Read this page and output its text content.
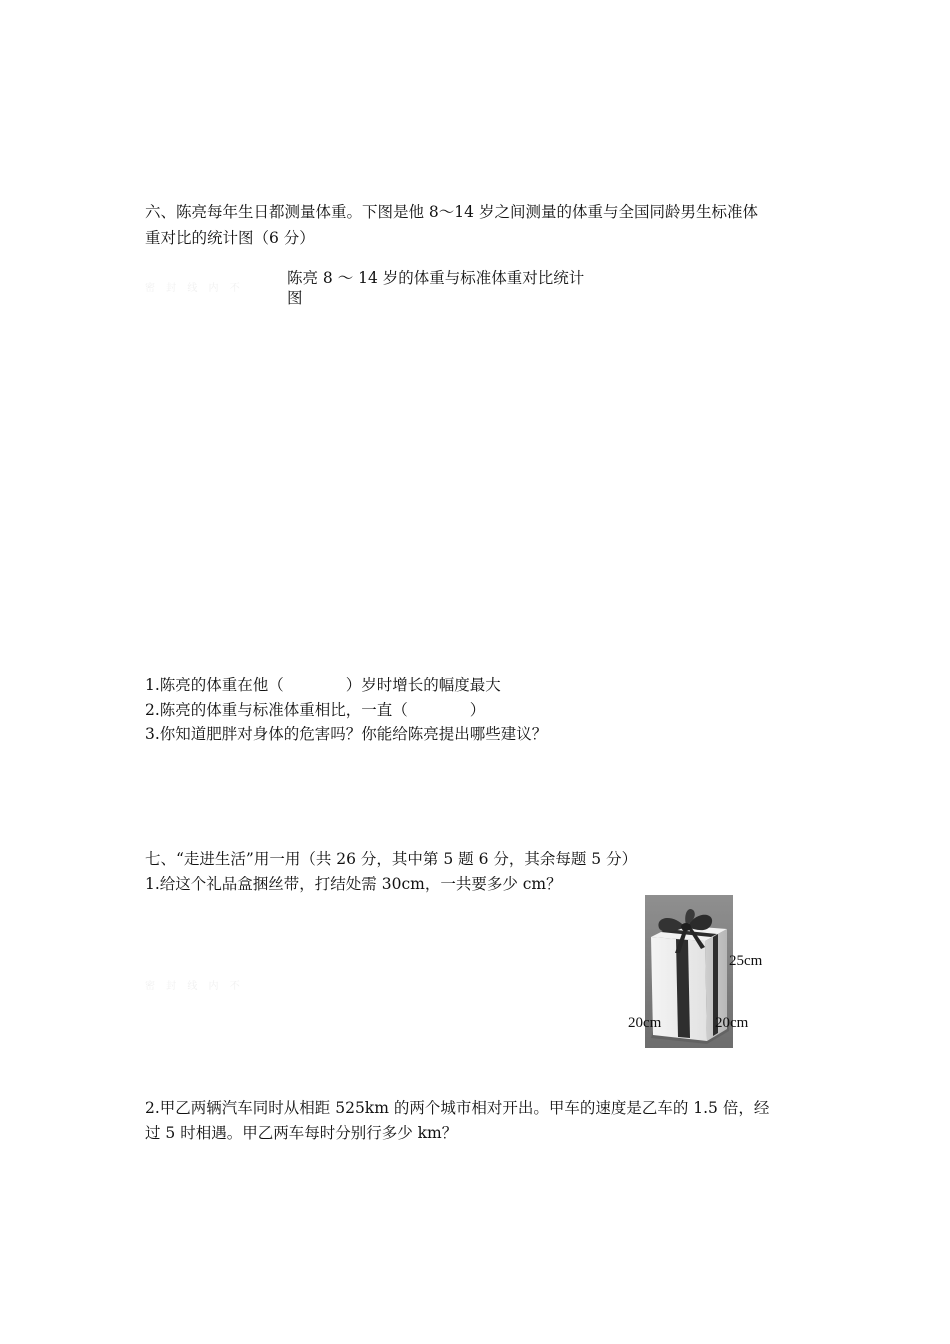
六、陈亮每年生日都测量体重。下图是他 8～14 岁之间测量的体重与全国同龄男生标准体
重对比的统计图（6 分）
密 封 线 内 不
陈亮 8 ～ 14 岁的体重与标准体重对比统计
图
1.陈亮的体重在他（　　　　）岁时增长的幅度最大
2.陈亮的体重与标准体重相比，一直（　　　　）
3.你知道肥胖对身体的危害吗？你能给陈亮提出哪些建议？
七、“走进生活”用一用（共 26 分，其中第 5 题 6 分，其余每题 5 分）
1.给这个礼品盒捆丝带，打结处需 30cm，一共要多少 cm？
密 封 线 内 不
25cm
20cm	20cm
2.甲乙两辆汽车同时从相距 525km 的两个城市相对开出。甲车的速度是乙车的 1.5 倍，经
过 5 时相遇。甲乙两车每时分别行多少 km？
